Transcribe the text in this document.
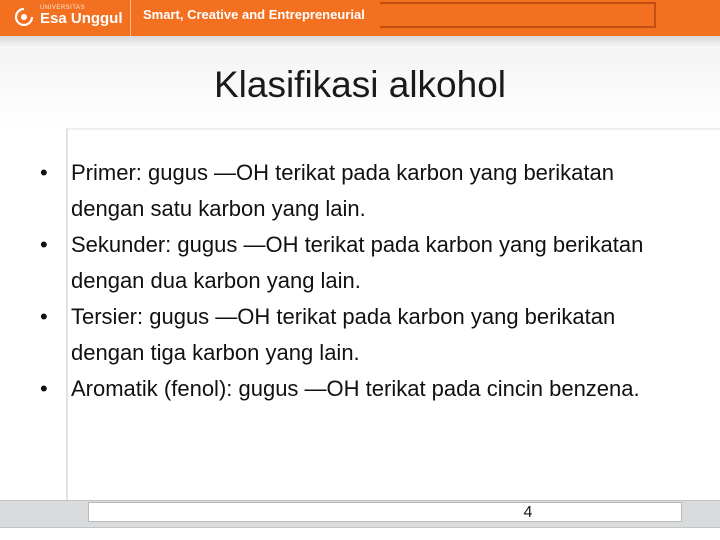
UNIVERSITAS
Esa Unggul Smart, Creative and Entrepreneurial
Klasifikasi alkohol
•	Primer: gugus —OH terikat pada karbon yang berikatan dengan satu karbon yang lain.
•	Sekunder: gugus —OH terikat pada karbon yang berikatan dengan dua karbon yang lain.
•	Tersier: gugus —OH terikat pada karbon yang berikatan dengan tiga karbon yang lain.
•	Aromatik (fenol): gugus —OH terikat pada cincin benzena.
4
